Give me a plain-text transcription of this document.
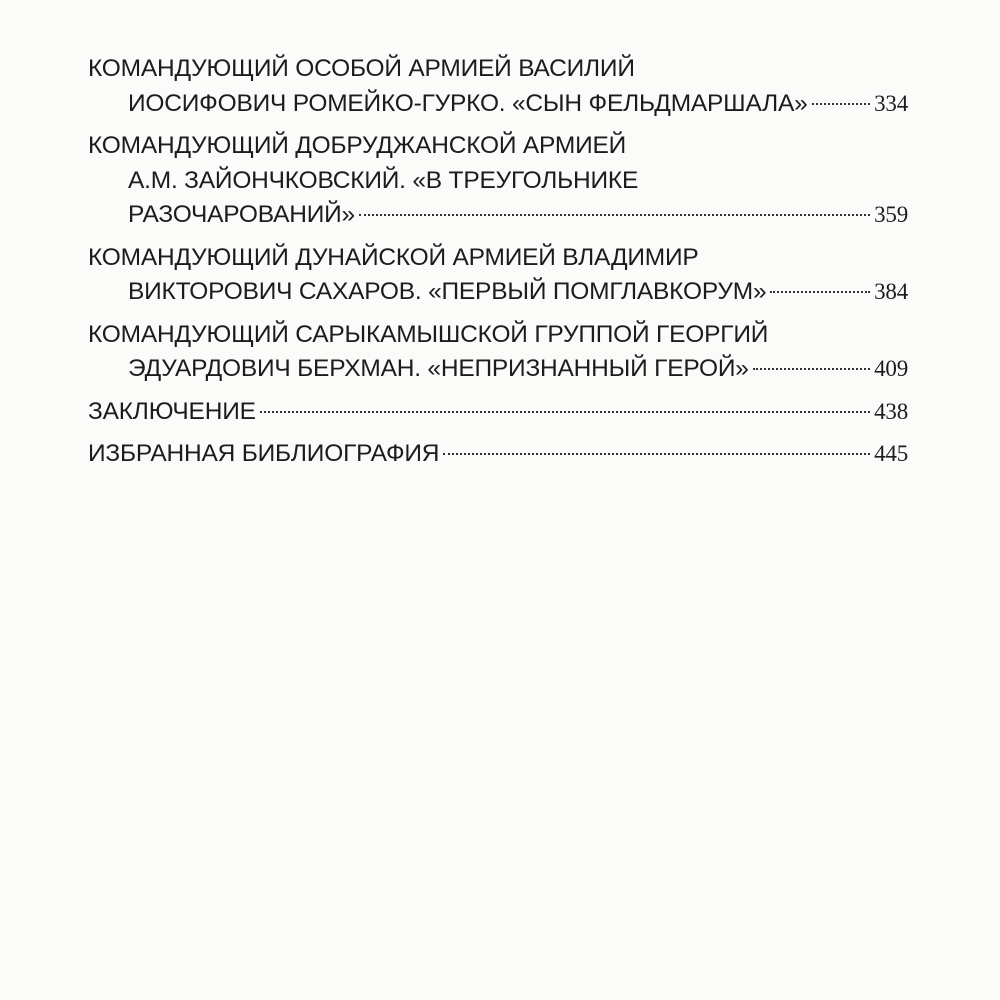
КОМАНДУЮЩИЙ ОСОБОЙ АРМИЕЙ ВАСИЛИЙ
ИОСИФОВИЧ РОМЕЙКО-ГУРКО. «СЫН ФЕЛЬДМАРШАЛА»	334
КОМАНДУЮЩИЙ ДОБРУДЖАНСКОЙ АРМИЕЙ
А.М. ЗАЙОНЧКОВСКИЙ. «В ТРЕУГОЛЬНИКЕ
РАЗОЧАРОВАНИЙ»	359
КОМАНДУЮЩИЙ ДУНАЙСКОЙ АРМИЕЙ ВЛАДИМИР
ВИКТОРОВИЧ САХАРОВ. «ПЕРВЫЙ ПОМГЛАВКОРУМ»	384
КОМАНДУЮЩИЙ САРЫКАМЫШСКОЙ ГРУППОЙ ГЕОРГИЙ
ЭДУАРДОВИЧ БЕРХМАН. «НЕПРИЗНАННЫЙ ГЕРОЙ»	409
ЗАКЛЮЧЕНИЕ	438
ИЗБРАННАЯ БИБЛИОГРАФИЯ	445
